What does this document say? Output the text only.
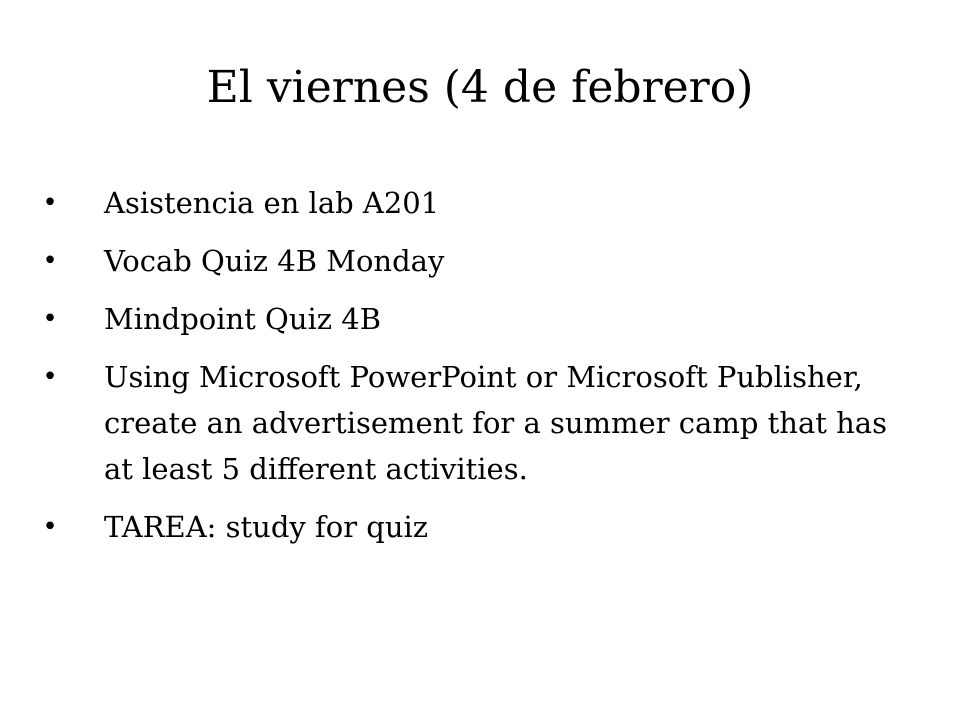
El viernes (4 de febrero)
• Asistencia en lab A201
• Vocab Quiz 4B Monday
• Mindpoint Quiz 4B
• Using Microsoft PowerPoint or Microsoft Publisher, create an advertisement for a summer camp that has at least 5 different activities.
• TAREA: study for quiz
